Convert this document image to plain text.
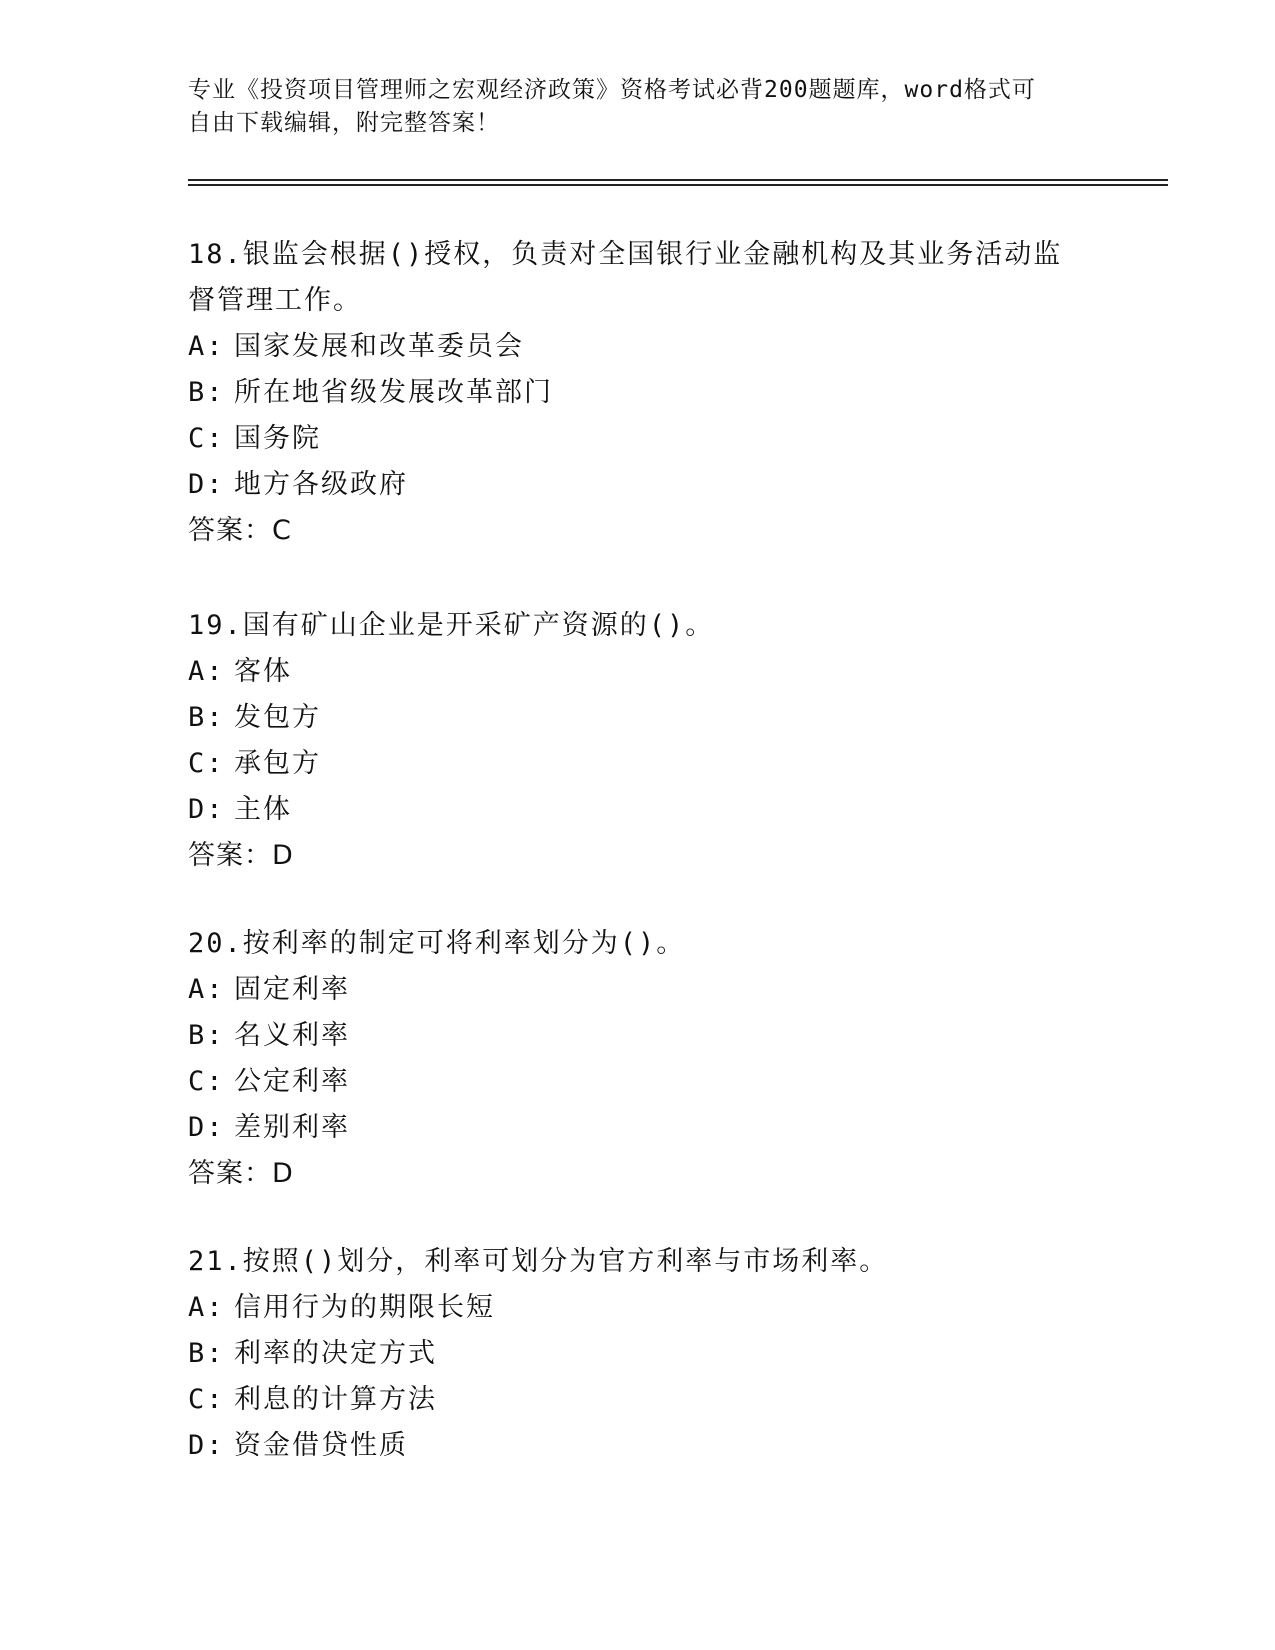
专业《投资项目管理师之宏观经济政策》资格考试必背200题题库，word格式可
自由下载编辑，附完整答案！

18.银监会根据()授权，负责对全国银行业金融机构及其业务活动监督管理工作。

A: 国家发展和改革委员会
B: 所在地省级发展改革部门
C: 国务院
D: 地方各级政府
答案：C

19.国有矿山企业是开采矿产资源的()。

A: 客体
B: 发包方
C: 承包方
D: 主体
答案：D

20.按利率的制定可将利率划分为()。

A: 固定利率
B: 名义利率
C: 公定利率
D: 差别利率
答案：D

21.按照()划分，利率可划分为官方利率与市场利率。

A: 信用行为的期限长短
B: 利率的决定方式
C: 利息的计算方法
D: 资金借贷性质
